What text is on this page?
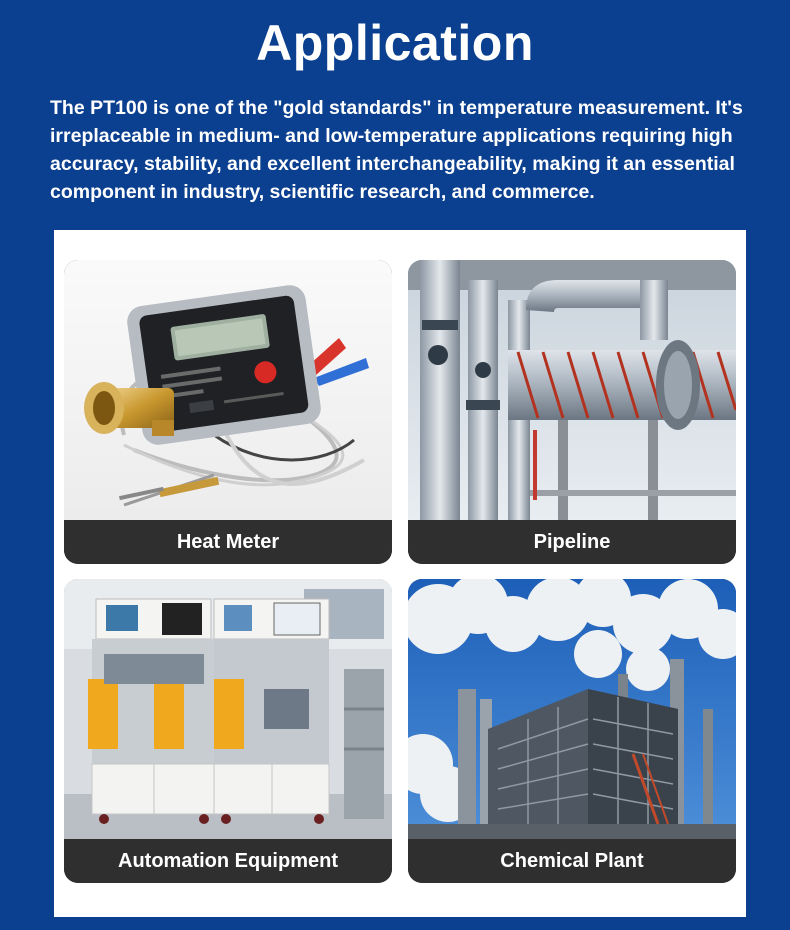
Application

The PT100 is one of the "gold standards" in temperature measurement. It's irreplaceable in medium- and low-temperature applications requiring high accuracy, stability, and excellent interchangeability, making it an essential component in industry, scientific research, and commerce.

Heat Meter	Pipeline
Automation Equipment	Chemical Plant
